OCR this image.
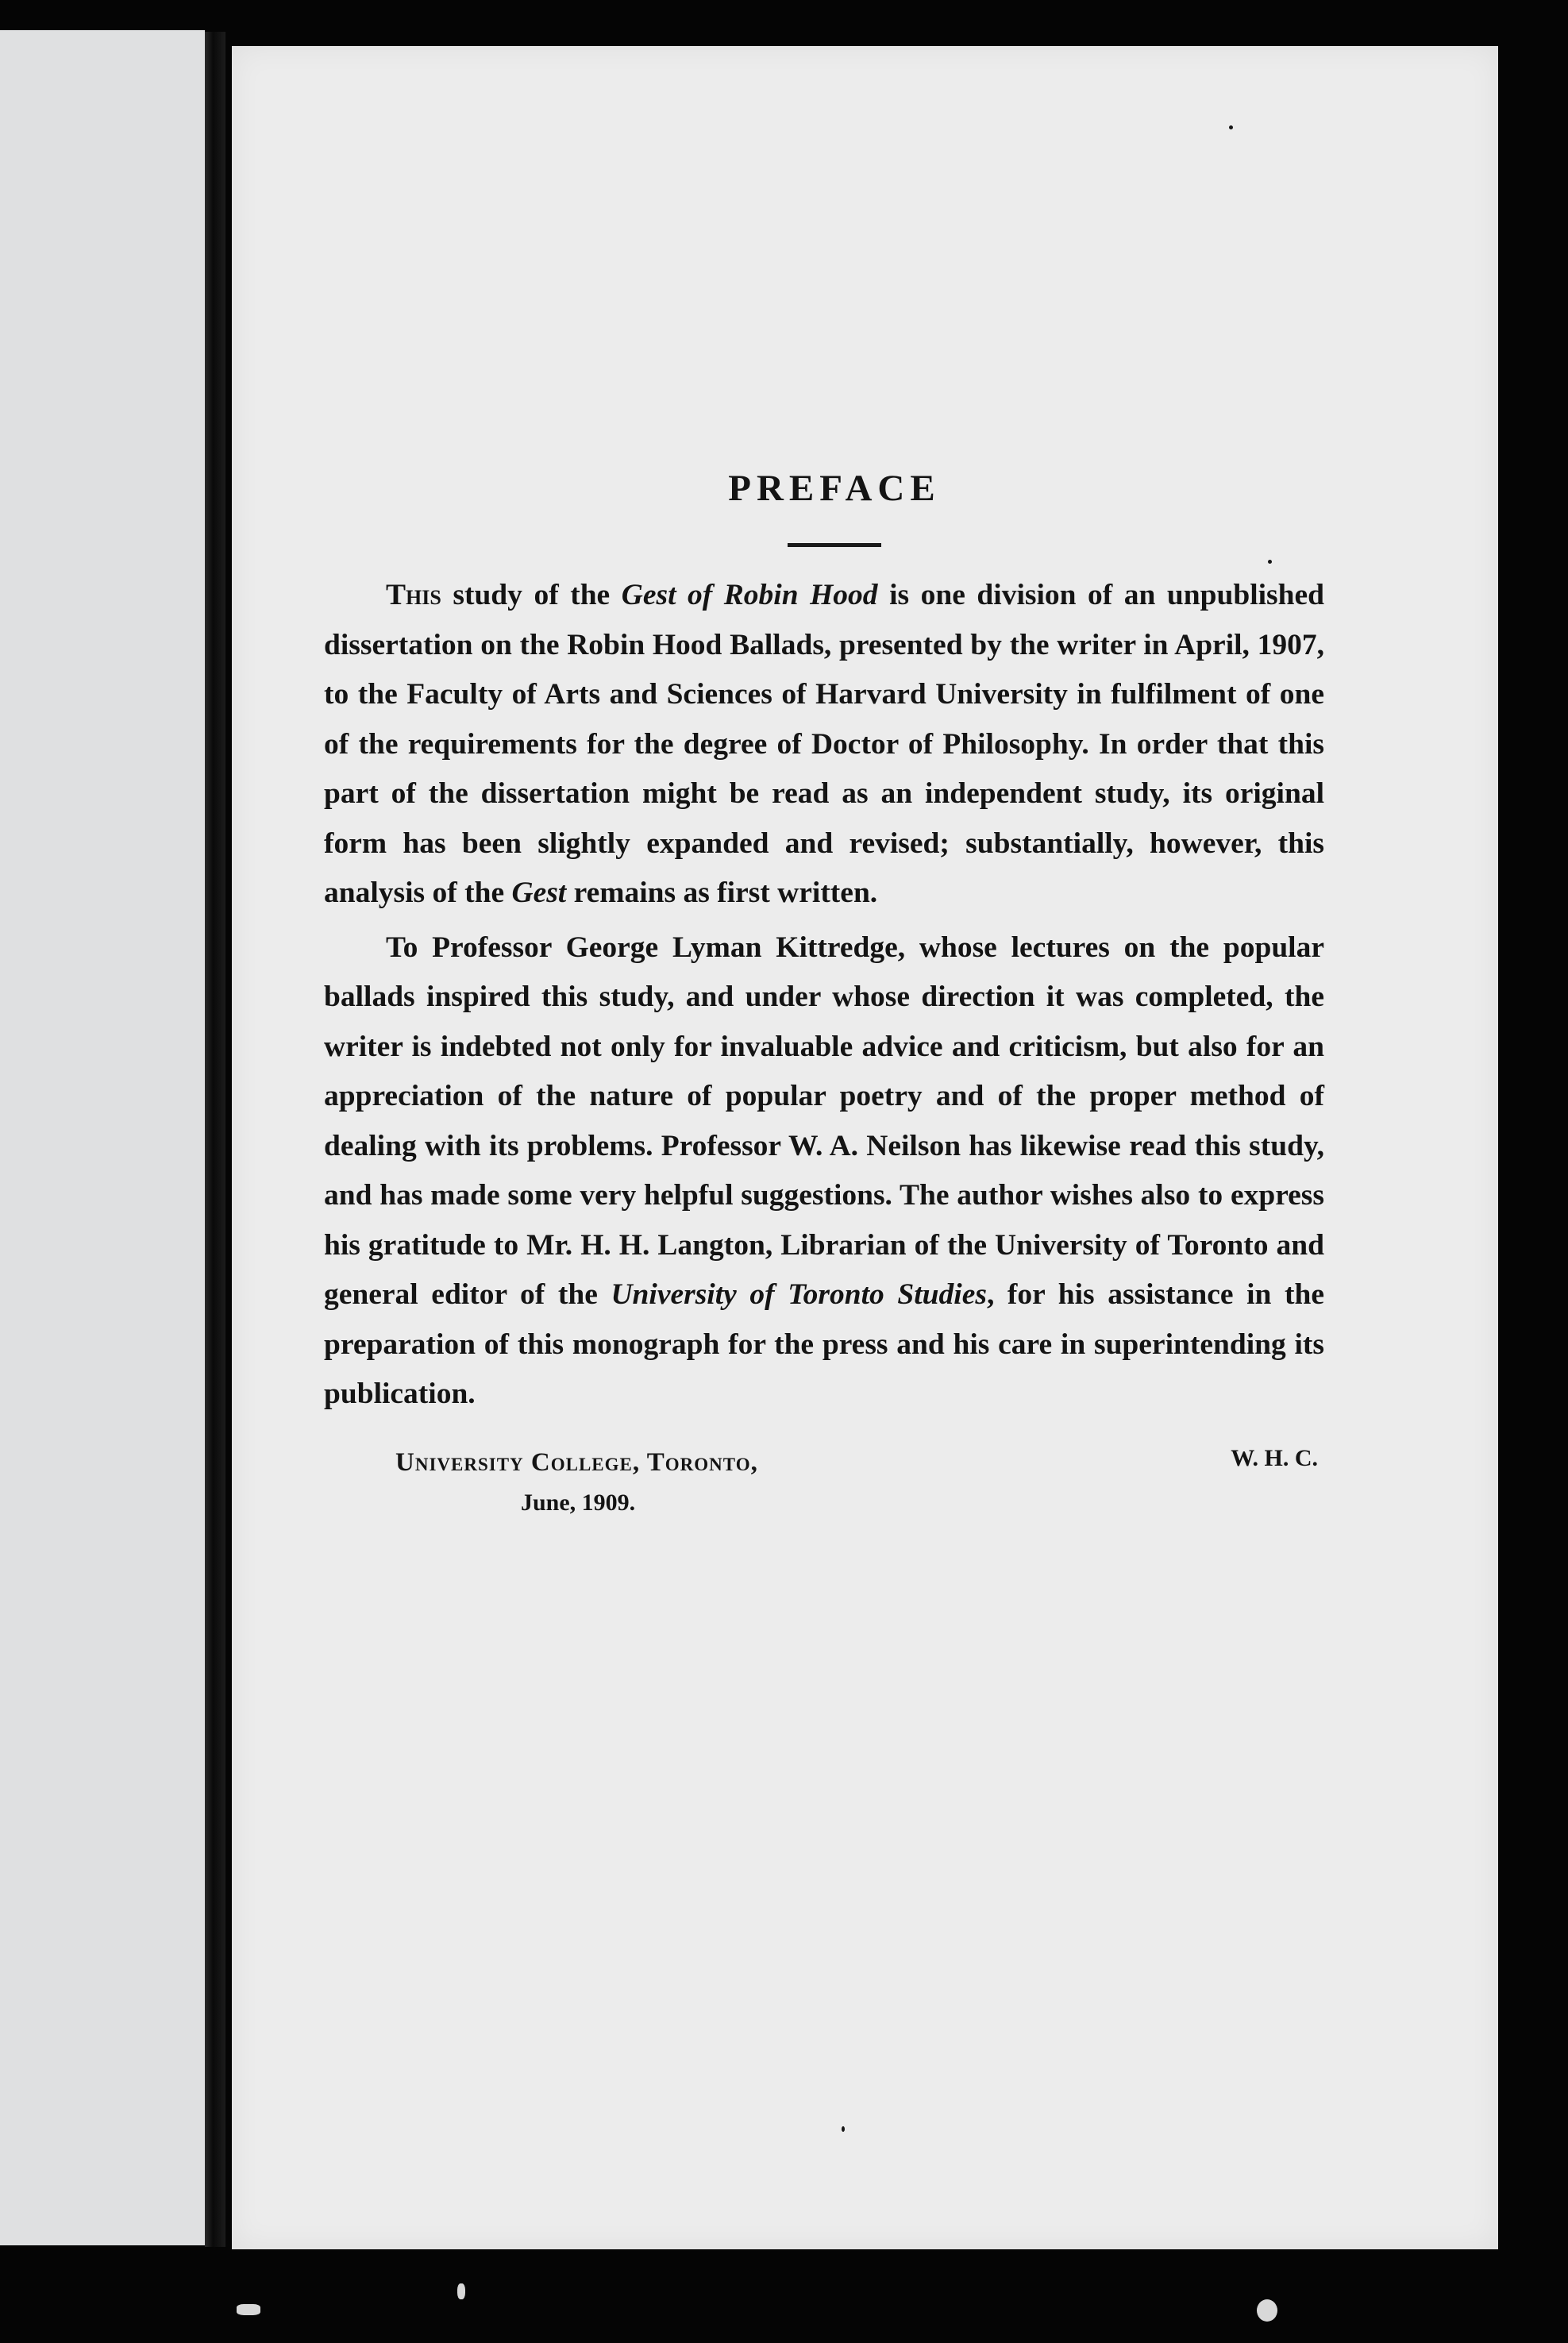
PREFACE

This study of the Gest of Robin Hood is one division of an unpublished dissertation on the Robin Hood Ballads, presented by the writer in April, 1907, to the Faculty of Arts and Sciences of Harvard University in fulfilment of one of the requirements for the degree of Doctor of Philosophy. In order that this part of the dissertation might be read as an independent study, its original form has been slightly expanded and revised; substantially, however, this analysis of the Gest remains as first written.

To Professor George Lyman Kittredge, whose lectures on the popular ballads inspired this study, and under whose direction it was completed, the writer is indebted not only for invaluable advice and criticism, but also for an appreciation of the nature of popular poetry and of the proper method of dealing with its problems. Professor W. A. Neilson has likewise read this study, and has made some very helpful suggestions. The author wishes also to express his gratitude to Mr. H. H. Langton, Librarian of the University of Toronto and general editor of the University of Toronto Studies, for his assistance in the preparation of this monograph for the press and his care in superintending its publication.

University College, Toronto,
June, 1909.
W. H. C.
